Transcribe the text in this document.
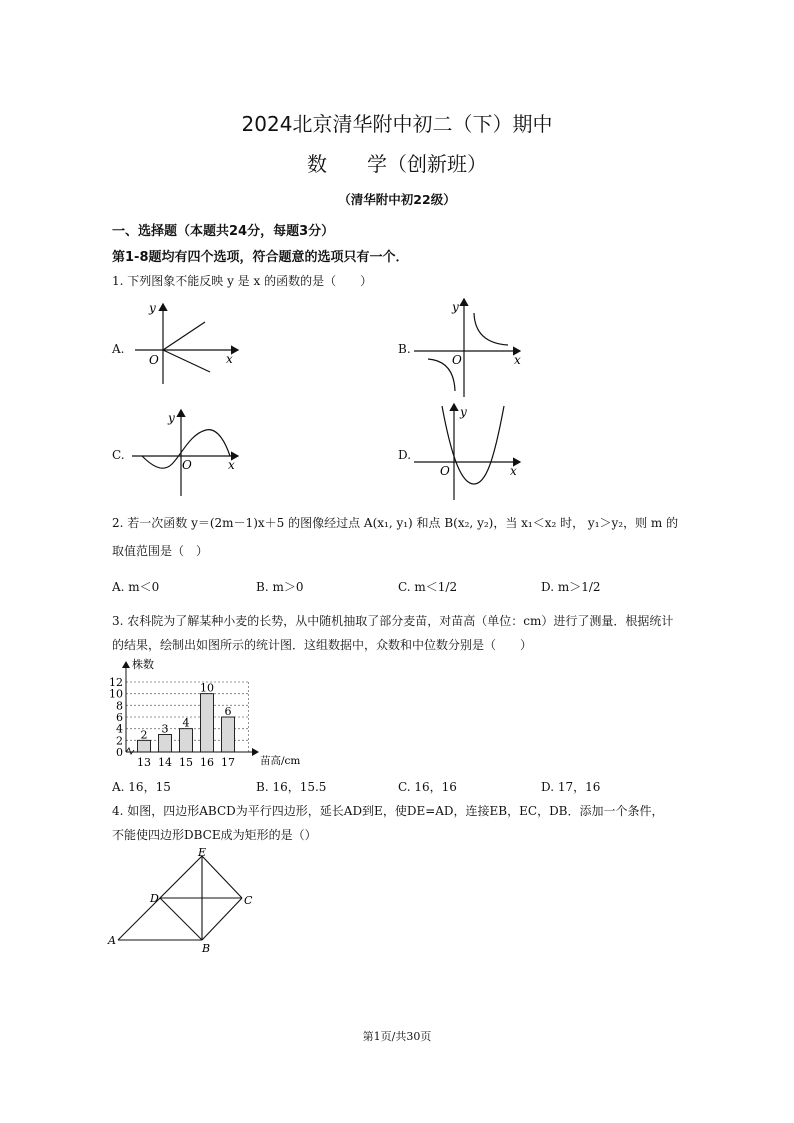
2024北京清华附中初二（下）期中
数　　学（创新班）
（清华附中初22级）
一、选择题（本题共24分，每题3分）
第1-8题均有四个选项，符合题意的选项只有一个．
1. 下列图象不能反映 y 是 x 的函数的是（　　）
A.	B.
C.	D.
y
O	x
y
O	x
y
O	x
y
O	x
2. 若一次函数 y＝(2m－1)x＋5 的图像经过点 A(x₁, y₁) 和点 B(x₂, y₂)，当 x₁＜x₂ 时， y₁＞y₂，则 m 的
取值范围是（　）
A. m＜0	B. m＞0	C. m＜1/2	D. m＞1/2
3. 农科院为了解某种小麦的长势，从中随机抽取了部分麦苗，对苗高（单位：cm）进行了测量．根据统计
的结果，绘制出如图所示的统计图．这组数据中，众数和中位数分别是（　　）
2 3 4
10
6
0
2
4
6
8
10
12
13 14 15 16 17
株数
苗高/cm
A. 16，15	B. 16，15.5	C. 16，16	D. 17，16
4. 如图，四边形ABCD为平行四边形，延长AD到E，使DE=AD，连接EB，EC，DB．添加一个条件，
不能使四边形DBCE成为矩形的是（）
E
D	C
A
B
第1页/共30页
